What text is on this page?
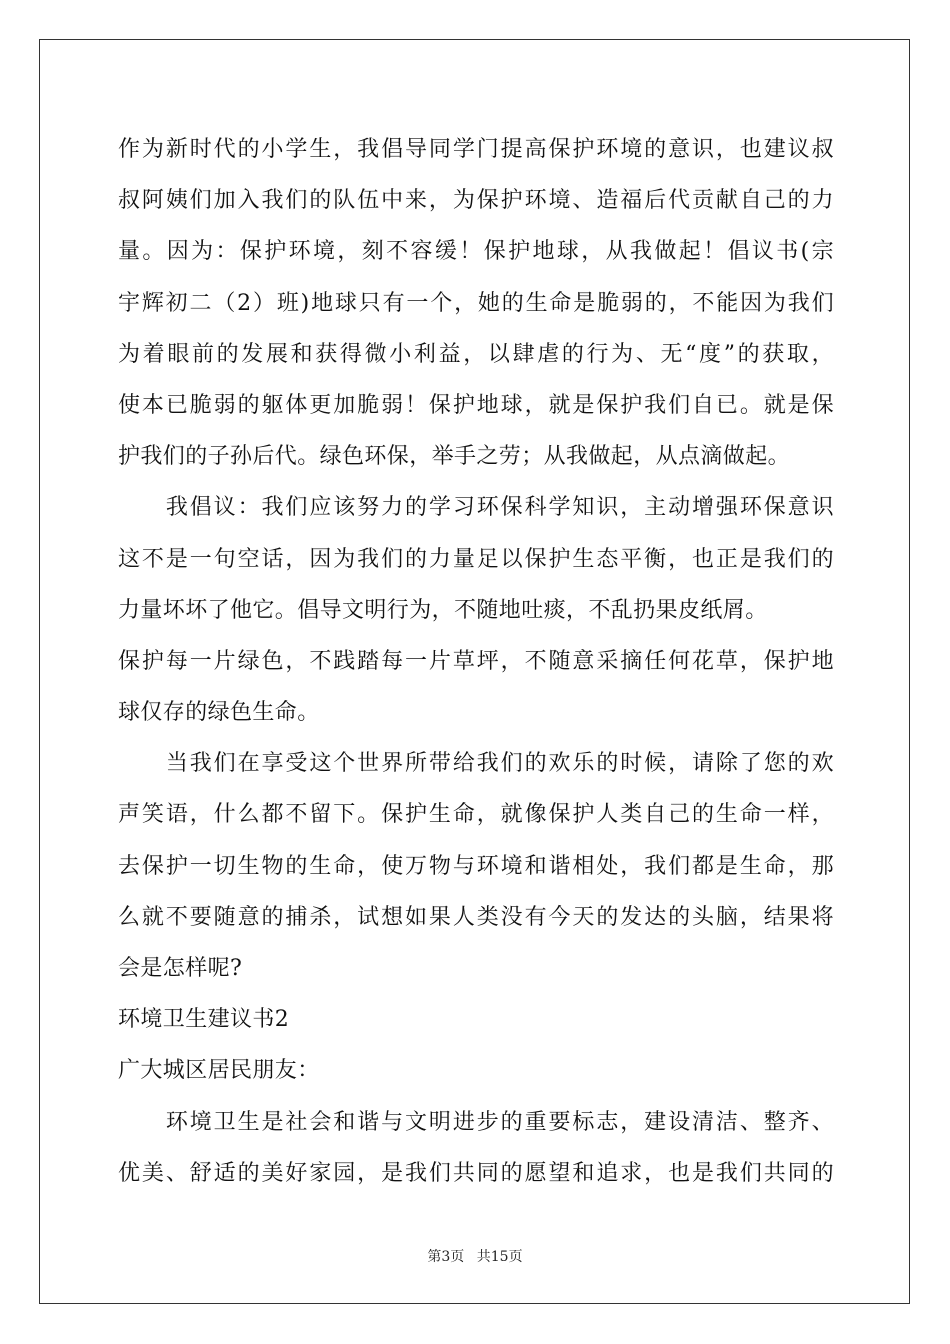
作为新时代的小学生，我倡导同学门提高保护环境的意识，也建议叔
叔阿姨们加入我们的队伍中来，为保护环境、造福后代贡献自己的力
量。因为：保护环境，刻不容缓！保护地球，从我做起！倡议书(宗
宇辉初二（2）班)地球只有一个，她的生命是脆弱的，不能因为我们
为着眼前的发展和获得微小利益，以肆虐的行为、无“度”的获取，
使本已脆弱的躯体更加脆弱！保护地球，就是保护我们自已。就是保
护我们的子孙后代。绿色环保，举手之劳；从我做起，从点滴做起。
　　我倡议：我们应该努力的学习环保科学知识，主动增强环保意识
这不是一句空话，因为我们的力量足以保护生态平衡，也正是我们的
力量坏坏了他它。倡导文明行为，不随地吐痰，不乱扔果皮纸屑。
保护每一片绿色，不践踏每一片草坪，不随意采摘任何花草，保护地
球仅存的绿色生命。
　　当我们在享受这个世界所带给我们的欢乐的时候，请除了您的欢
声笑语，什么都不留下。保护生命，就像保护人类自己的生命一样，
去保护一切生物的生命，使万物与环境和谐相处，我们都是生命，那
么就不要随意的捕杀，试想如果人类没有今天的发达的头脑，结果将
会是怎样呢?
环境卫生建议书2
广大城区居民朋友：
　　环境卫生是社会和谐与文明进步的重要标志，建设清洁、整齐、
优美、舒适的美好家园，是我们共同的愿望和追求，也是我们共同的
第3页 共15页
